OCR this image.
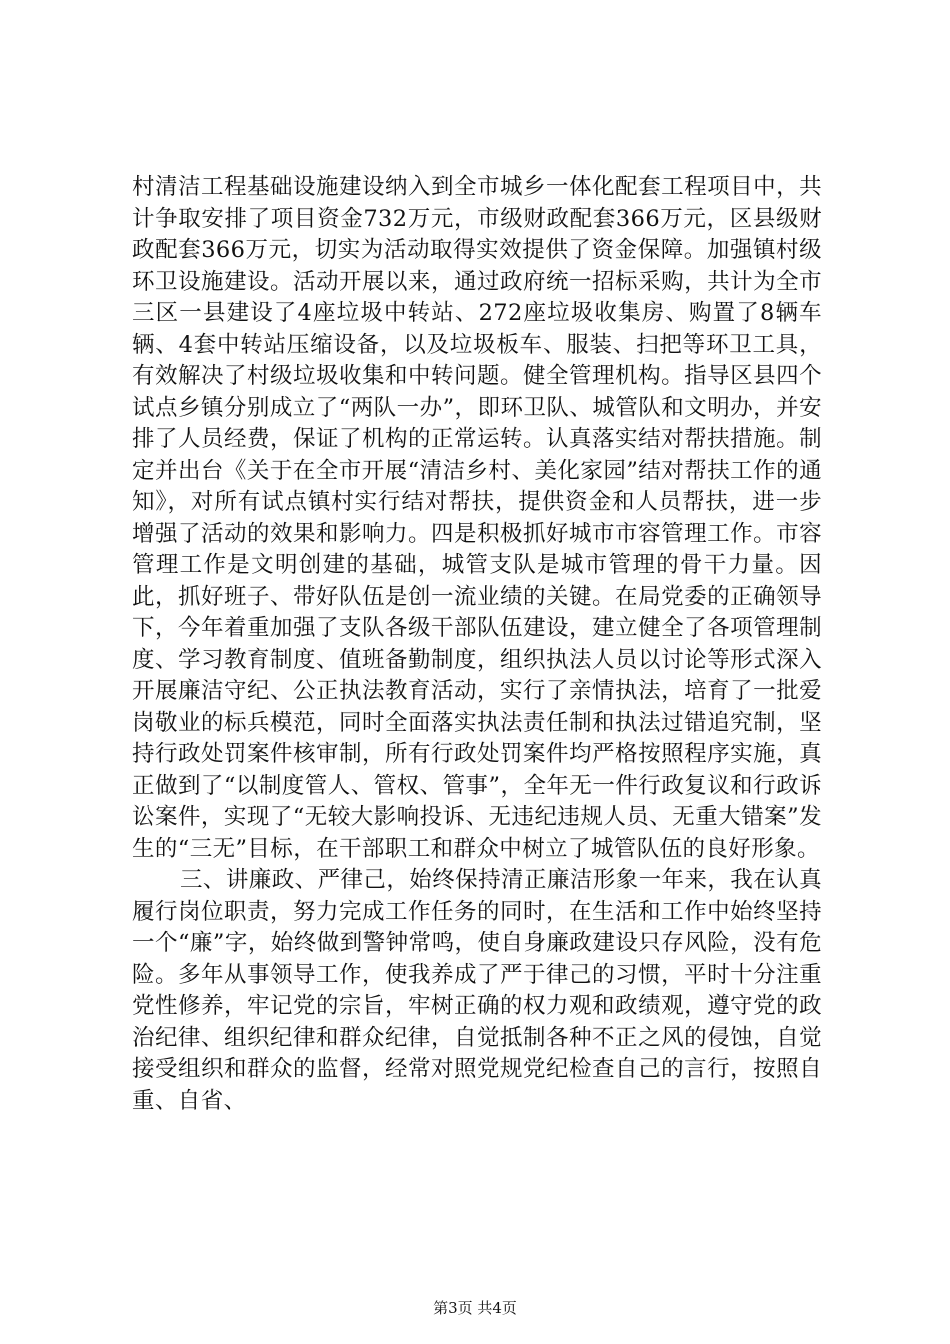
村清洁工程基础设施建设纳入到全市城乡一体化配套工程项目中，共计争取安排了项目资金732万元，市级财政配套366万元，区县级财政配套366万元，切实为活动取得实效提供了资金保障。加强镇村级环卫设施建设。活动开展以来，通过政府统一招标采购，共计为全市三区一县建设了4座垃圾中转站、272座垃圾收集房、购置了8辆车辆、4套中转站压缩设备，以及垃圾板车、服装、扫把等环卫工具，有效解决了村级垃圾收集和中转问题。健全管理机构。指导区县四个试点乡镇分别成立了“两队一办”，即环卫队、城管队和文明办，并安排了人员经费，保证了机构的正常运转。认真落实结对帮扶措施。制定并出台《关于在全市开展“清洁乡村、美化家园”结对帮扶工作的通知》，对所有试点镇村实行结对帮扶，提供资金和人员帮扶，进一步增强了活动的效果和影响力。四是积极抓好城市市容管理工作。市容管理工作是文明创建的基础，城管支队是城市管理的骨干力量。因此，抓好班子、带好队伍是创一流业绩的关键。在局党委的正确领导下，今年着重加强了支队各级干部队伍建设，建立健全了各项管理制度、学习教育制度、值班备勤制度，组织执法人员以讨论等形式深入开展廉洁守纪、公正执法教育活动，实行了亲情执法，培育了一批爱岗敬业的标兵模范，同时全面落实执法责任制和执法过错追究制，坚持行政处罚案件核审制，所有行政处罚案件均严格按照程序实施，真正做到了“以制度管人、管权、管事”，全年无一件行政复议和行政诉讼案件，实现了“无较大影响投诉、无违纪违规人员、无重大错案”发生的“三无”目标，在干部职工和群众中树立了城管队伍的良好形象。

三、讲廉政、严律己，始终保持清正廉洁形象一年来，我在认真履行岗位职责，努力完成工作任务的同时，在生活和工作中始终坚持一个“廉”字，始终做到警钟常鸣，使自身廉政建设只存风险，没有危险。多年从事领导工作，使我养成了严于律己的习惯，平时十分注重党性修养，牢记党的宗旨，牢树正确的权力观和政绩观，遵守党的政治纪律、组织纪律和群众纪律，自觉抵制各种不正之风的侵蚀，自觉接受组织和群众的监督，经常对照党规党纪检查自己的言行，按照自重、自省、

第3页 共4页
